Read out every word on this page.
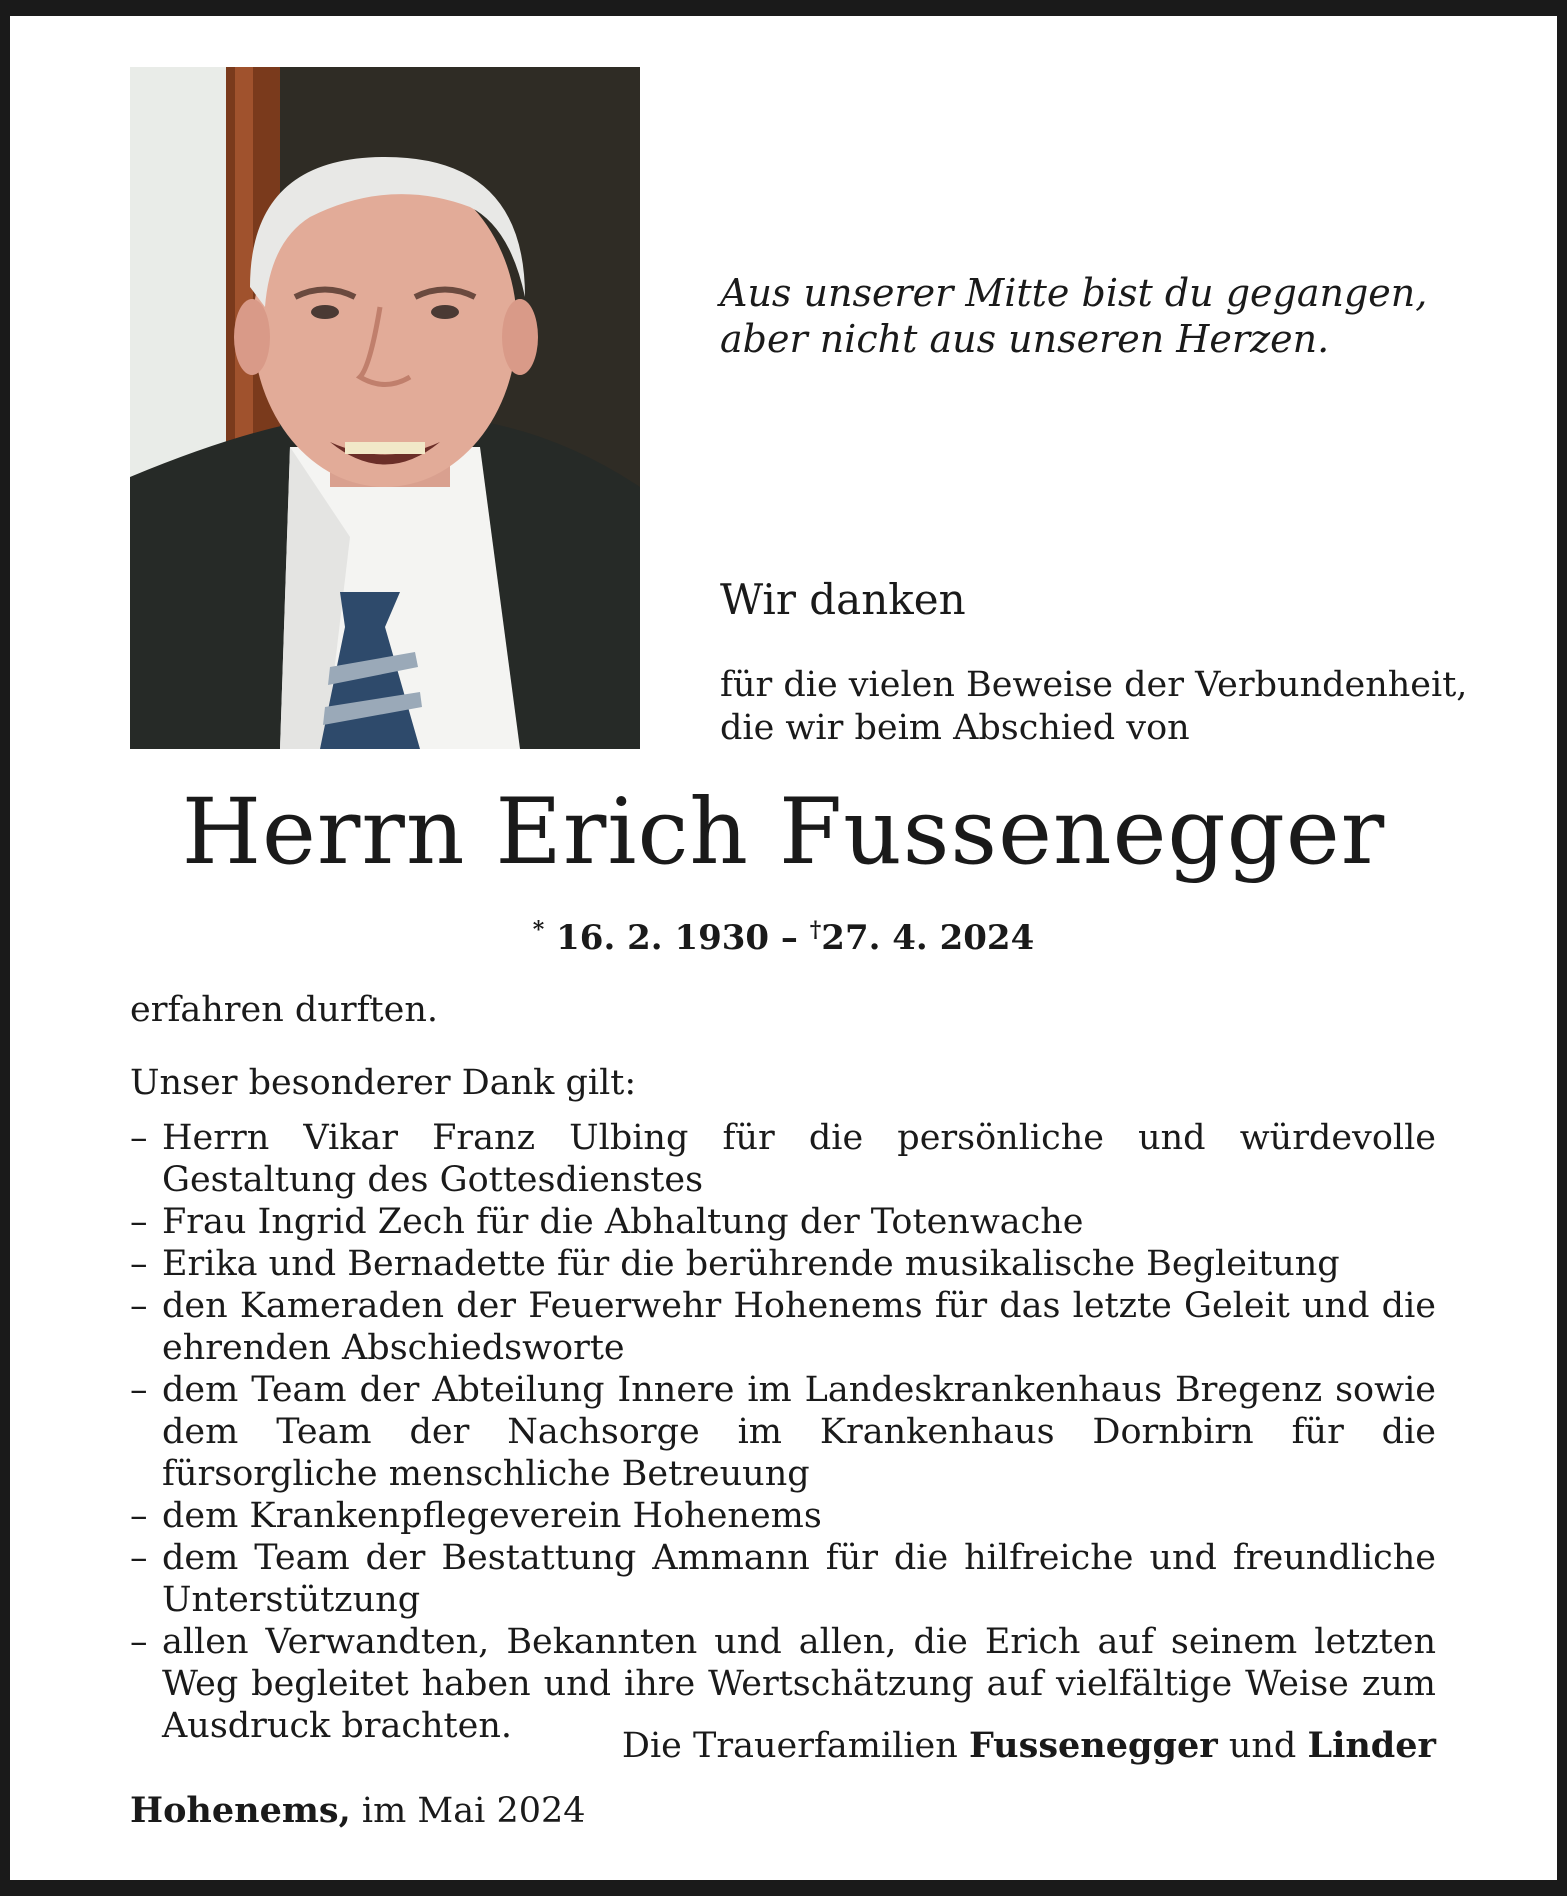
Aus unserer Mitte bist du gegangen,
aber nicht aus unseren Herzen.
Wir danken
für die vielen Beweise der Verbundenheit,
die wir beim Abschied von
Herrn Erich Fussenegger
* 16. 2. 1930 – †27. 4. 2024
erfahren durften.
Unser besonderer Dank gilt:
– Herrn Vikar Franz Ulbing für die persönliche und würdevolle Gestaltung des Gottesdienstes
– Frau Ingrid Zech für die Abhaltung der Totenwache
– Erika und Bernadette für die berührende musikalische Begleitung
– den Kameraden der Feuerwehr Hohenems für das letzte Geleit und die ehrenden Abschiedsworte
– dem Team der Abteilung Innere im Landeskrankenhaus Bregenz sowie dem Team der Nachsorge im Krankenhaus Dornbirn für die fürsorgliche menschliche Betreuung
– dem Krankenpflegeverein Hohenems
– dem Team der Bestattung Ammann für die hilfreiche und freundliche Unterstützung
– allen Verwandten, Bekannten und allen, die Erich auf seinem letzten Weg begleitet haben und ihre Wertschätzung auf vielfältige Weise zum Ausdruck brachten.	Die Trauerfamilien Fussenegger und Linder
Hohenems, im Mai 2024
